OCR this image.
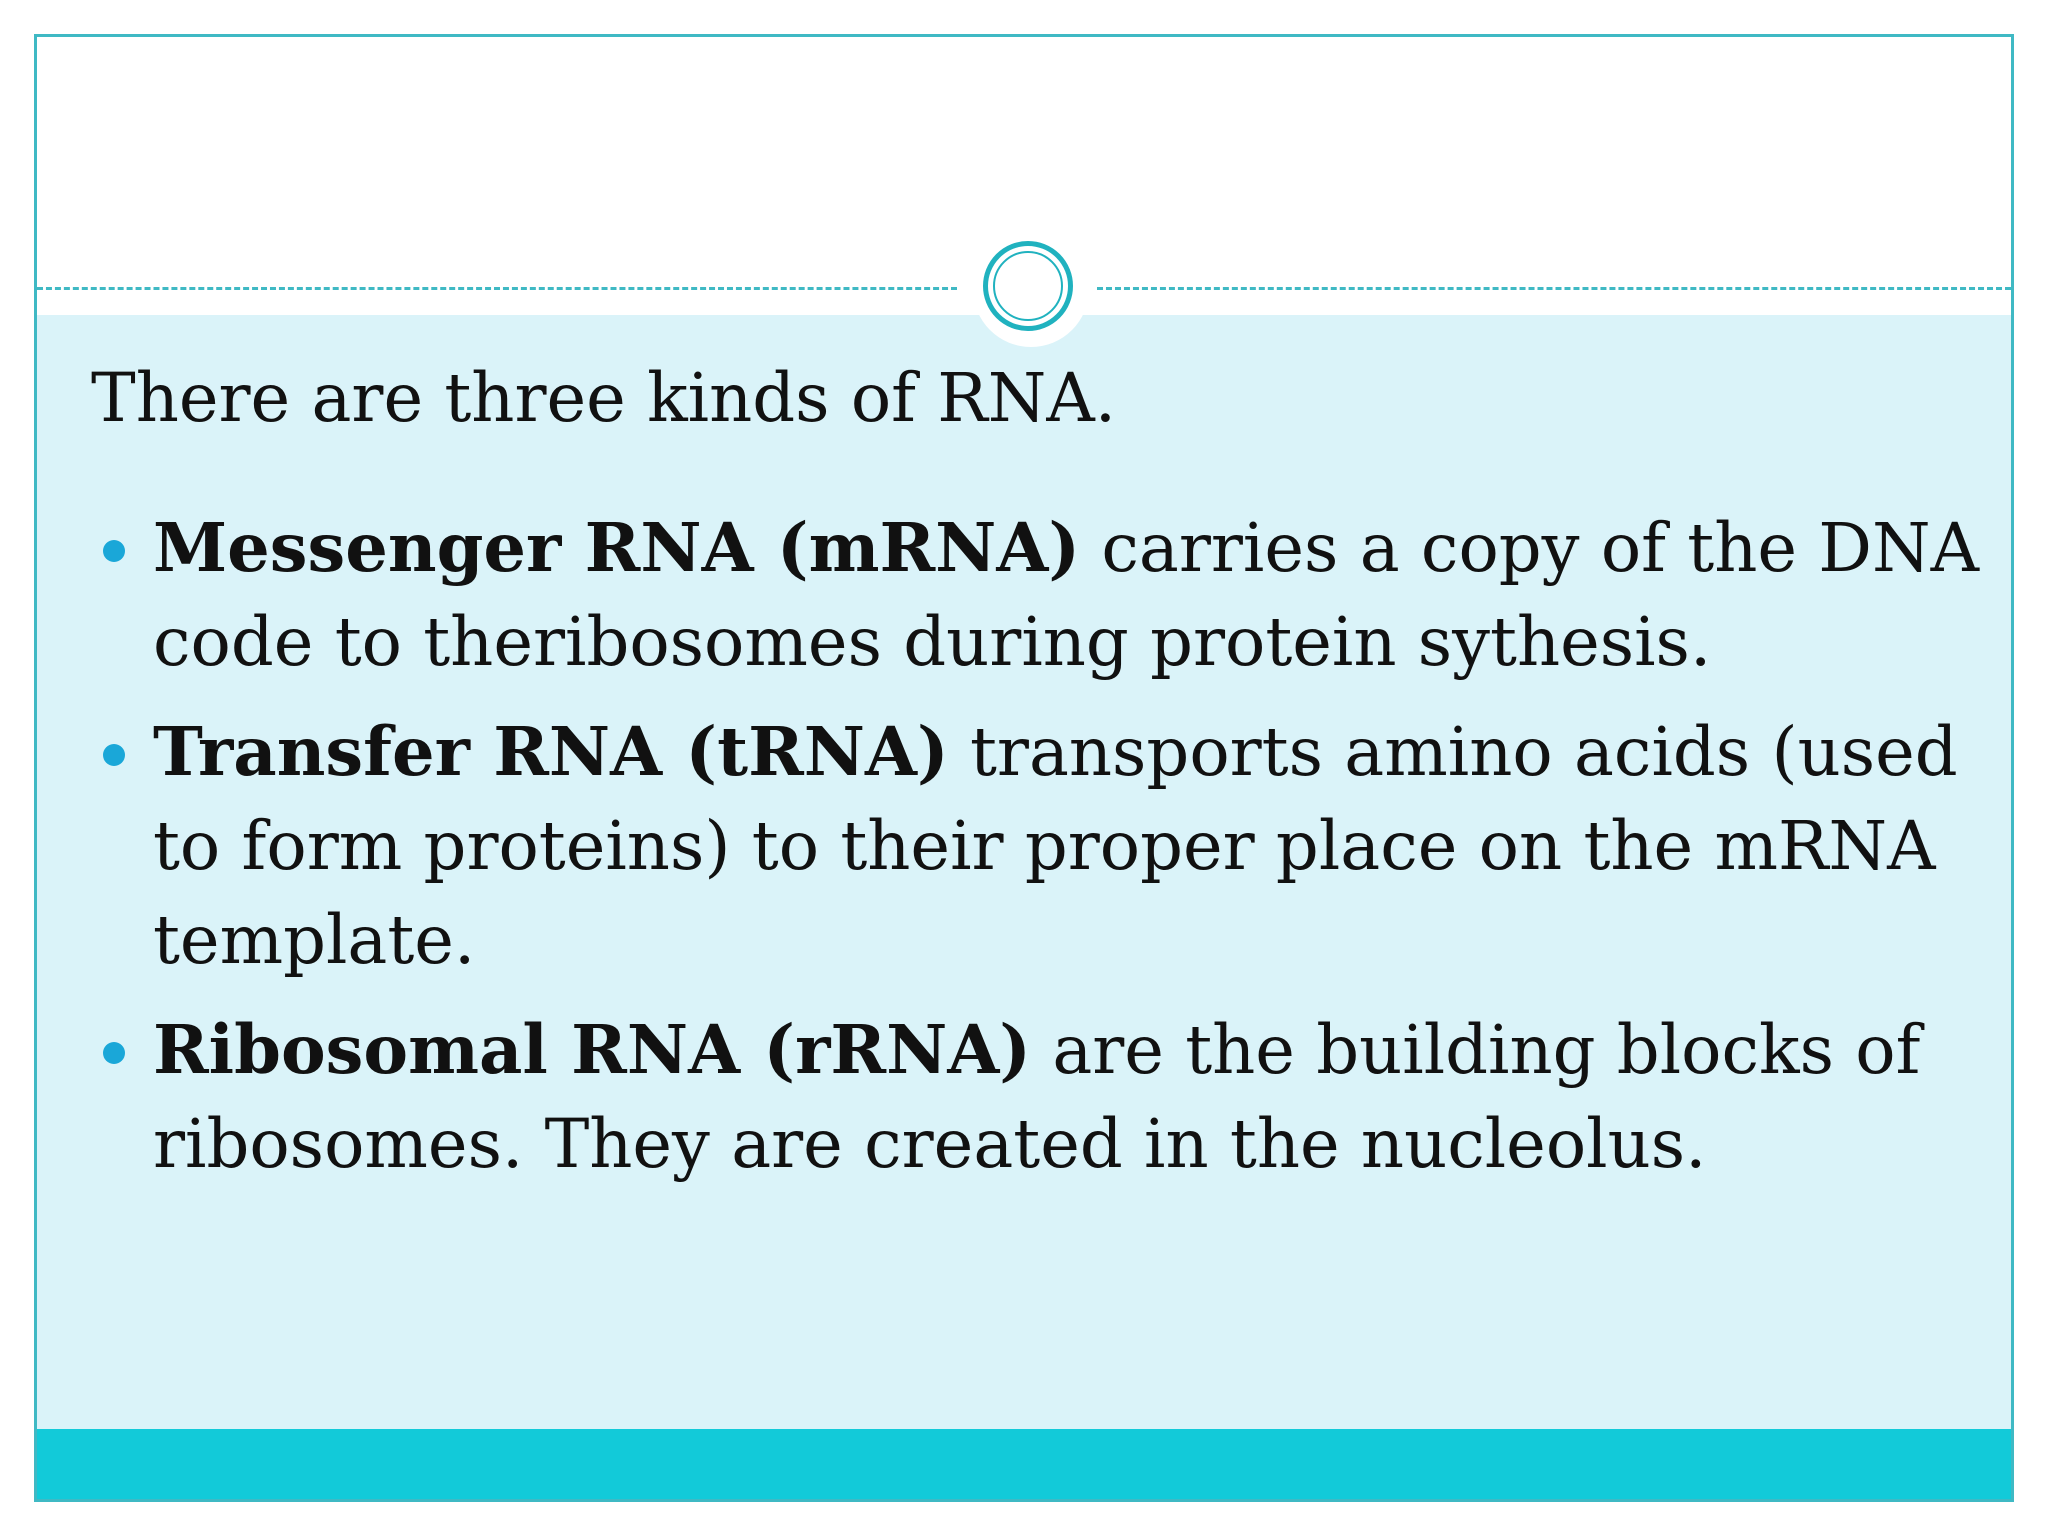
There are three kinds of RNA.

Messenger RNA (mRNA) carries a copy of the DNA code to theribosomes during protein sythesis.
Transfer RNA (tRNA) transports amino acids (used to form proteins) to their proper place on the mRNA template.
Ribosomal RNA (rRNA) are the building blocks of ribosomes. They are created in the nucleolus.
